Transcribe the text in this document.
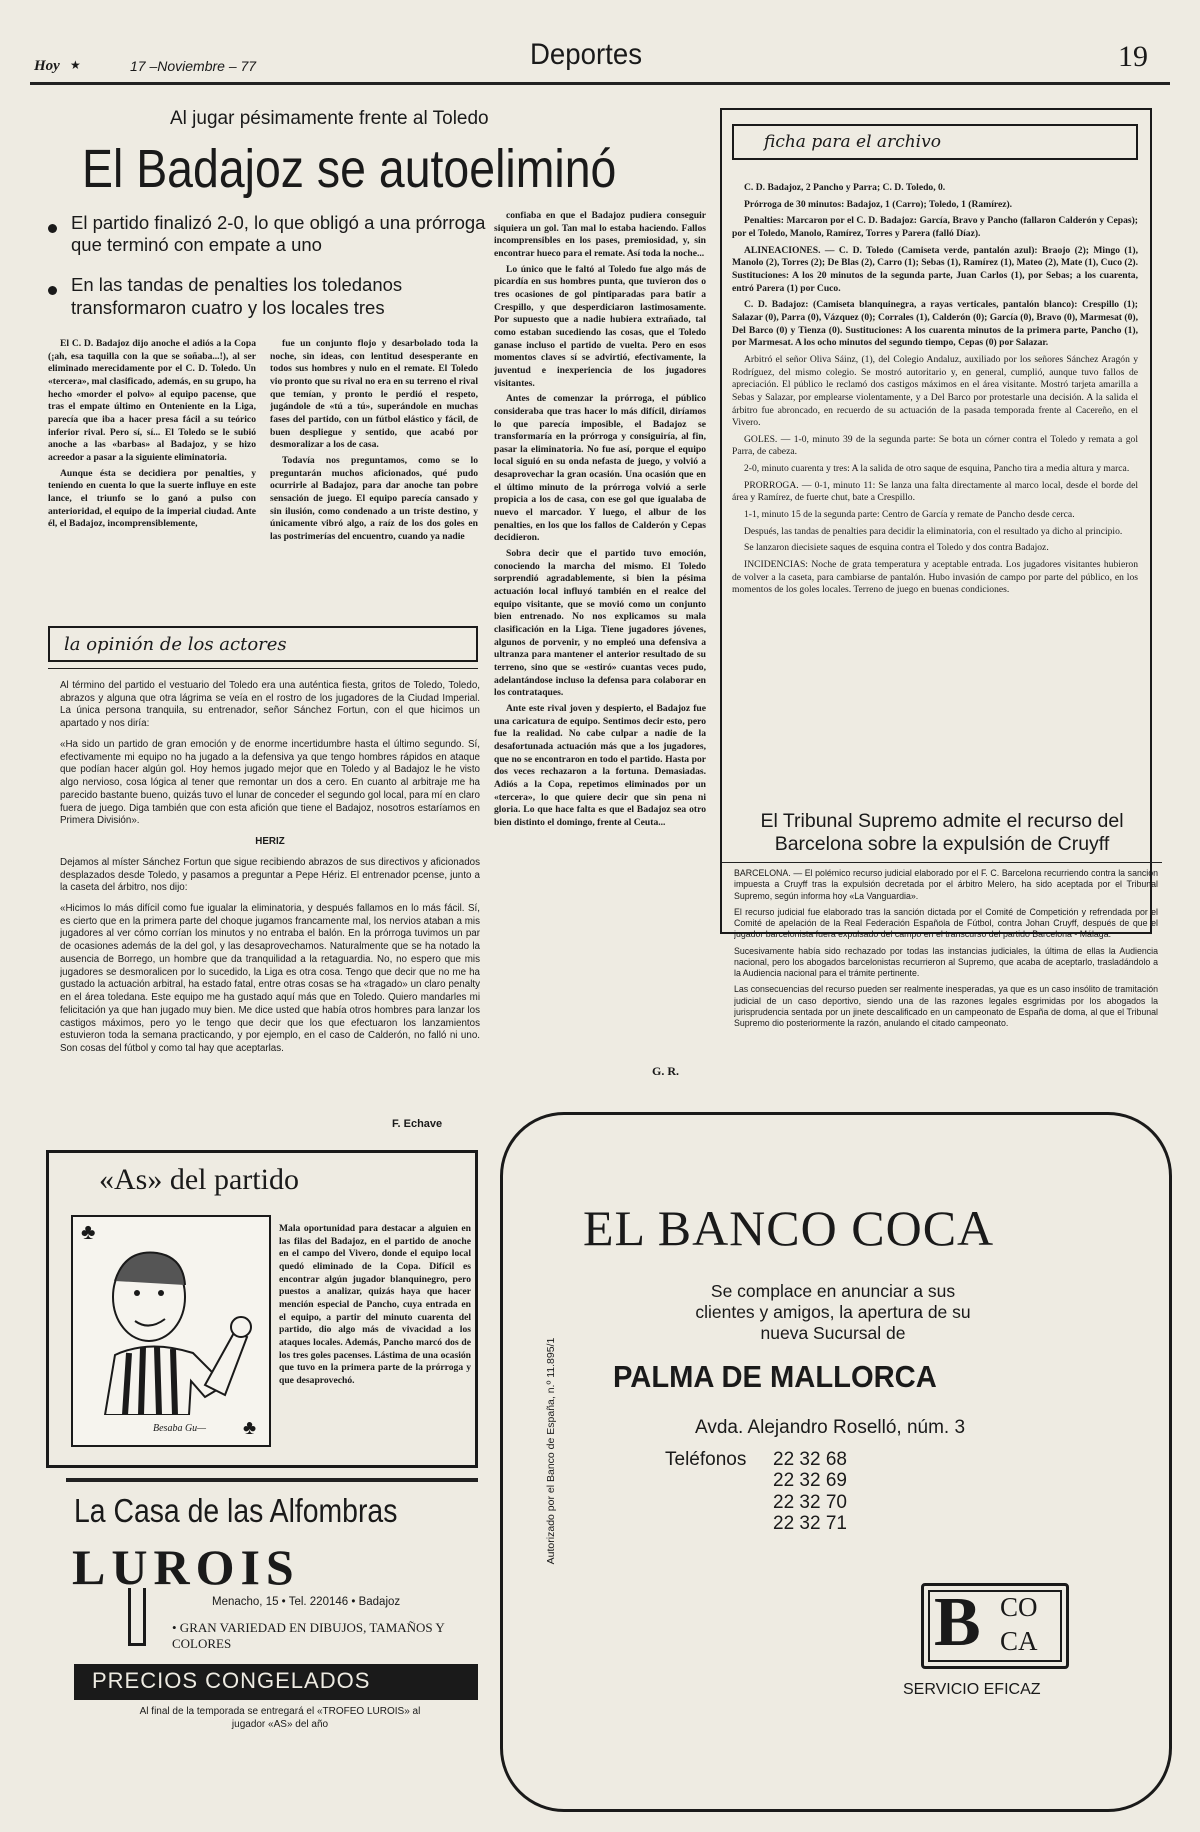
Hoy ★	17 –Noviembre – 77	Deportes	19
Al jugar pésimamente frente al Toledo
El Badajoz se autoeliminó
El partido finalizó 2-0, lo que obligó a una prórroga que terminó con empate a uno
En las tandas de penalties los toledanos transformaron cuatro y los locales tres

El C. D. Badajoz dijo anoche el adiós a la Copa (¡ah, esa taquilla con la que se soñaba...!), al ser eliminado merecidamente por el C. D. Toledo. Un «tercera», mal clasificado, además, en su grupo, ha hecho «morder el polvo» al equipo pacense, que tras el empate último en Onteniente en la Liga, parecía que iba a hacer presa fácil a su teórico inferior rival. Pero sí, sí... El Toledo se le subió anoche a las «barbas» al Badajoz, y se hizo acreedor a pasar a la siguiente eliminatoria.

Aunque ésta se decidiera por penalties, y teniendo en cuenta lo que la suerte influye en este lance, el triunfo se lo ganó a pulso con anterioridad, el equipo de la imperial ciudad. Ante él, el Badajoz, incomprensiblemente,

fue un conjunto flojo y desarbolado toda la noche, sin ideas, con lentitud desesperante en todos sus hombres y nulo en el remate. El Toledo vio pronto que su rival no era en su terreno el rival que temían, y pronto le perdió el respeto, jugándole de «tú a tú», superándole en muchas fases del partido, con un fútbol elástico y fácil, de buen despliegue y sentido, que acabó por desmoralizar a los de casa.

Todavía nos preguntamos, como se lo preguntarán muchos aficionados, qué pudo ocurrirle al Badajoz, para dar anoche tan pobre sensación de juego. El equipo parecía cansado y sin ilusión, como condenado a un triste destino, y únicamente vibró algo, a raíz de los dos goles en las postrimerías del encuentro, cuando ya nadie

confiaba en que el Badajoz pudiera conseguir siquiera un gol. Tan mal lo estaba haciendo. Fallos incomprensibles en los pases, premiosidad, y, sin encontrar hueco para el remate. Así toda la noche...

Lo único que le faltó al Toledo fue algo más de picardía en sus hombres punta, que tuvieron dos o tres ocasiones de gol pintiparadas para batir a Crespillo, y que desperdiciaron lastimosamente. Por supuesto que a nadie hubiera extrañado, tal como estaban sucediendo las cosas, que el Toledo ganase incluso el partido de vuelta. Pero en esos momentos claves sí se advirtió, efectivamente, la juventud e inexperiencia de los jugadores visitantes.

Antes de comenzar la prórroga, el público consideraba que tras hacer lo más difícil, diríamos lo que parecía imposible, el Badajoz se transformaría en la prórroga y consiguiría, al fin, pasar la eliminatoria. No fue así, porque el equipo local siguió en su onda nefasta de juego, y volvió a desaprovechar la gran ocasión. Una ocasión que en el último minuto de la prórroga volvió a serle propicia a los de casa, con ese gol que igualaba de nuevo el marcador. Y luego, el albur de los penalties, en los que los fallos de Calderón y Cepas decidieron.

Sobra decir que el partido tuvo emoción, conociendo la marcha del mismo. El Toledo sorprendió agradablemente, si bien la pésima actuación local influyó también en el realce del equipo visitante, que se movió como un conjunto bien entrenado. No nos explicamos su mala clasificación en la Liga. Tiene jugadores jóvenes, algunos de porvenir, y no empleó una defensiva a ultranza para mantener el anterior resultado de su terreno, sino que se «estiró» cuantas veces pudo, adelantándose incluso la defensa para colaborar en los contrataques.

Ante este rival joven y despierto, el Badajoz fue una caricatura de equipo. Sentimos decir esto, pero fue la realidad. No cabe culpar a nadie de la desafortunada actuación más que a los jugadores, que no se encontraron en todo el partido. Hasta por dos veces rechazaron a la fortuna. Demasiadas. Adiós a la Copa, repetimos eliminados por un «tercera», lo que quiere decir que sin pena ni gloria. Lo que hace falta es que el Badajoz sea otro bien distinto el domingo, frente al Ceuta...

G. R.
la opinión de los actores

Al término del partido el vestuario del Toledo era una auténtica fiesta, gritos de Toledo, Toledo, abrazos y alguna que otra lágrima se veía en el rostro de los jugadores de la Ciudad Imperial. La única persona tranquila, su entrenador, señor Sánchez Fortun, con el que hicimos un apartado y nos diría:

«Ha sido un partido de gran emoción y de enorme incertidumbre hasta el último segundo. Sí, efectivamente mi equipo no ha jugado a la defensiva ya que tengo hombres rápidos en ataque que podían hacer algún gol. Hoy hemos jugado mejor que en Toledo y al Badajoz le he visto algo nervioso, cosa lógica al tener que remontar un dos a cero. En cuanto al arbitraje me ha parecido bastante bueno, quizás tuvo el lunar de conceder el segundo gol local, para mí en claro fuera de juego. Diga también que con esta afición que tiene el Badajoz, nosotros estaríamos en Primera División».

HERIZ

Dejamos al míster Sánchez Fortun que sigue recibiendo abrazos de sus directivos y aficionados desplazados desde Toledo, y pasamos a preguntar a Pepe Hériz. El entrenador pcense, junto a la caseta del árbitro, nos dijo:

«Hicimos lo más difícil como fue igualar la eliminatoria, y después fallamos en lo más fácil. Sí, es cierto que en la primera parte del choque jugamos francamente mal, los nervios ataban a mis jugadores al ver cómo corrían los minutos y no entraba el balón. En la prórroga tuvimos un par de ocasiones además de la del gol, y las desaprovechamos. Naturalmente que se ha notado la ausencia de Borrego, un hombre que da tranquilidad a la retaguardia. No, no espero que mis jugadores se desmoralicen por lo sucedido, la Liga es otra cosa. Tengo que decir que no me ha gustado la actuación arbitral, ha estado fatal, entre otras cosas se ha «tragado» un claro penalty en el área toledana. Este equipo me ha gustado aquí más que en Toledo. Quiero mandarles mi felicitación ya que han jugado muy bien. Me dice usted que había otros hombres para lanzar los castigos máximos, pero yo le tengo que decir que los que efectuaron los lanzamientos estuvieron toda la semana practicando, y por ejemplo, en el caso de Calderón, no falló ni uno. Son cosas del fútbol y como tal hay que aceptarlas.

F. Echave
ficha para el archivo

C. D. Badajoz, 2 Pancho y Parra; C. D. Toledo, 0.

Prórroga de 30 minutos: Badajoz, 1 (Carro); Toledo, 1 (Ramírez).

Penalties: Marcaron por el C. D. Badajoz: García, Bravo y Pancho (fallaron Calderón y Cepas); por el Toledo, Manolo, Ramírez, Torres y Parera (falló Díaz).

ALINEACIONES. — C. D. Toledo (Camiseta verde, pantalón azul): Braojo (2); Mingo (1), Manolo (2), Torres (2); De Blas (2), Carro (1); Sebas (1), Ramírez (1), Mateo (2), Mate (1), Cuco (2). Sustituciones: A los 20 minutos de la segunda parte, Juan Carlos (1), por Sebas; a los cuarenta, entró Parera (1) por Cuco.

C. D. Badajoz: (Camiseta blanquinegra, a rayas verticales, pantalón blanco): Crespillo (1); Salazar (0), Parra (0), Vázquez (0); Corrales (1), Calderón (0); García (0), Bravo (0), Marmesat (0), Del Barco (0) y Tienza (0). Sustituciones: A los cuarenta minutos de la primera parte, Pancho (1), por Marmesat. A los ocho minutos del segundo tiempo, Cepas (0) por Salazar.

Arbitró el señor Oliva Sáinz, (1), del Colegio Andaluz, auxiliado por los señores Sánchez Aragón y Rodríguez, del mismo colegio. Se mostró autoritario y, en general, cumplió, aunque tuvo fallos de apreciación. El público le reclamó dos castigos máximos en el área visitante. Mostró tarjeta amarilla a Sebas y Salazar, por emplearse violentamente, y a Del Barco por protestarle una decisión. A la salida el árbitro fue abroncado, en recuerdo de su actuación de la pasada temporada frente al Cacereño, en el Vivero.

GOLES. — 1-0, minuto 39 de la segunda parte: Se bota un córner contra el Toledo y remata a gol Parra, de cabeza.

2-0, minuto cuarenta y tres: A la salida de otro saque de esquina, Pancho tira a media altura y marca.

PRORROGA. — 0-1, minuto 11: Se lanza una falta directamente al marco local, desde el borde del área y Ramírez, de fuerte chut, bate a Crespillo.

1-1, minuto 15 de la segunda parte: Centro de García y remate de Pancho desde cerca.

Después, las tandas de penalties para decidir la eliminatoria, con el resultado ya dicho al principio.

Se lanzaron diecisiete saques de esquina contra el Toledo y dos contra Badajoz.

INCIDENCIAS: Noche de grata temperatura y aceptable entrada. Los jugadores visitantes hubieron de volver a la caseta, para cambiarse de pantalón. Hubo invasión de campo por parte del público, en los momentos de los goles locales. Terreno de juego en buenas condiciones.

El Tribunal Supremo admite el recurso del Barcelona sobre la expulsión de Cruyff

BARCELONA. — El polémico recurso judicial elaborado por el F. C. Barcelona recurriendo contra la sanción impuesta a Cruyff tras la expulsión decretada por el árbitro Melero, ha sido aceptada por el Tribunal Supremo, según informa hoy «La Vanguardia».

El recurso judicial fue elaborado tras la sanción dictada por el Comité de Competición y refrendada por el Comité de apelación de la Real Federación Española de Fútbol, contra Johan Cruyff, después de que el jugador barcelonista fuera expulsado del campo en el transcurso del partido Barcelona - Málaga.

Sucesivamente había sido rechazado por todas las instancias judiciales, la última de ellas la Audiencia nacional, pero los abogados barcelonistas recurrieron al Supremo, que acaba de aceptarlo, trasladándolo a la Audiencia nacional para el trámite pertinente.

Las consecuencias del recurso pueden ser realmente inesperadas, ya que es un caso insólito de tramitación judicial de un caso deportivo, siendo una de las razones legales esgrimidas por los abogados la jurisprudencia sentada por un jinete descalificado en un campeonato de España de doma, al que el Tribunal Supremo dio posteriormente la razón, anulando el citado campeonato.

«As» del partido
♣
Besaba Gu— ♣
Mala oportunidad para destacar a alguien en las filas del Badajoz, en el partido de anoche en el campo del Vivero, donde el equipo local quedó eliminado de la Copa. Difícil es encontrar algún jugador blanquinegro, pero puestos a analizar, quizás haya que hacer mención especial de Pancho, cuya entrada en el equipo, a partir del minuto cuarenta del partido, dio algo más de vivacidad a los ataques locales. Además, Pancho marcó dos de los tres goles pacenses. Lástima de una ocasión que tuvo en la primera parte de la prórroga y que desaprovechó.
La Casa de las Alfombras
LUROIS
Menacho, 15 • Tel. 220146 • Badajoz
• GRAN VARIEDAD EN DIBUJOS, TAMAÑOS Y COLORES
PRECIOS CONGELADOS
Al final de la temporada se entregará el «TROFEO LUROIS» al jugador «AS» del año
Autorizado por el Banco de España, n.º 11.895/1
EL BANCO COCA
Se complace en anunciar a sus clientes y amigos, la apertura de su nueva Sucursal de
PALMA DE MALLORCA
Avda. Alejandro Roselló, núm. 3
Teléfonos 22 32 68
22 32 69
22 32 70
22 32 71
B CO
CA
SERVICIO EFICAZ
